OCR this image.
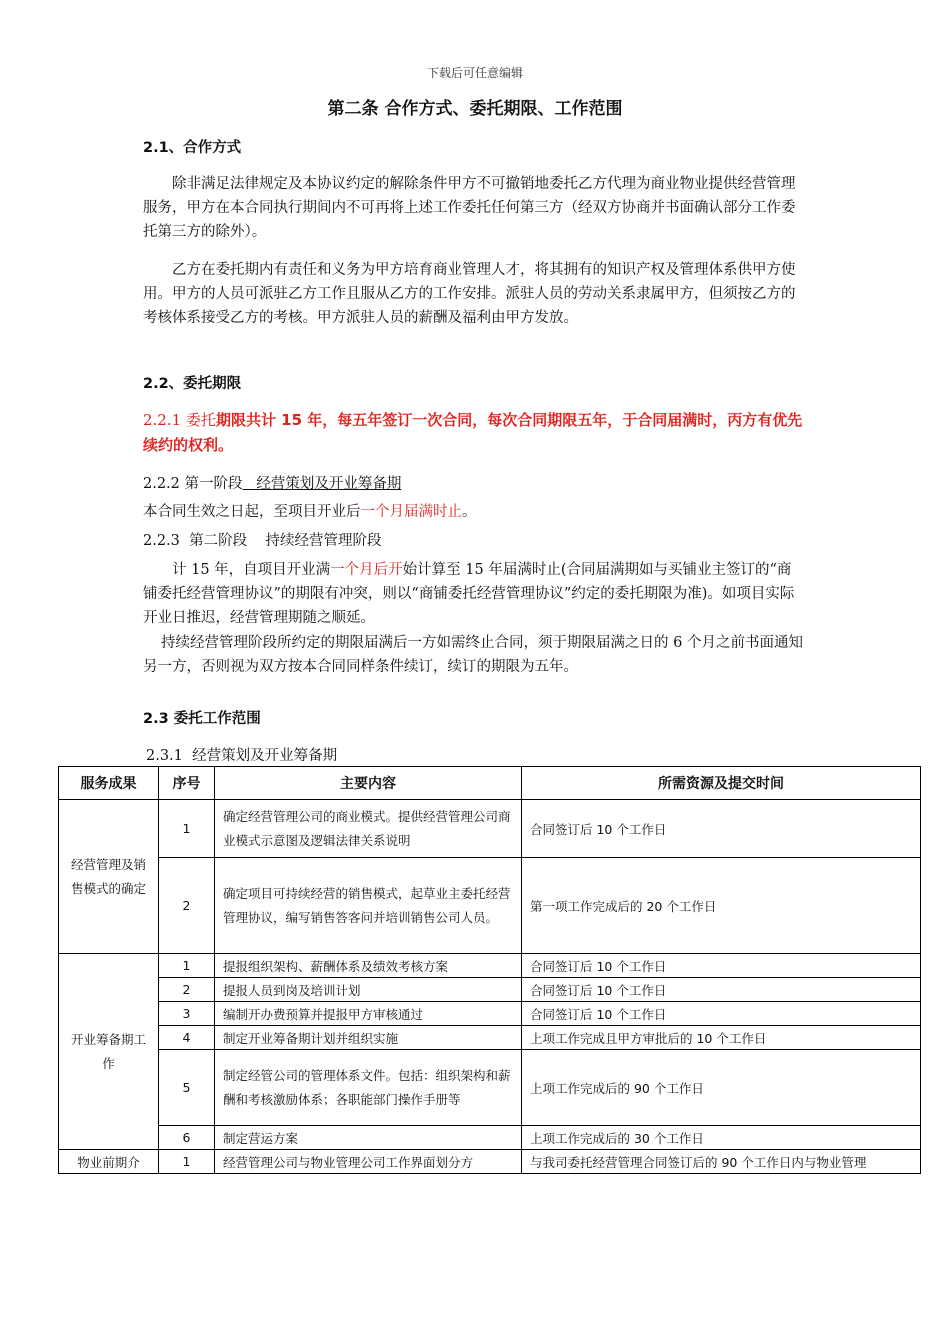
下载后可任意编辑
第二条 合作方式、委托期限、工作范围
2.1、合作方式
除非满足法律规定及本协议约定的解除条件甲方不可撤销地委托乙方代理为商业物业提供经营管理服务，甲方在本合同执行期间内不可再将上述工作委托任何第三方（经双方协商并书面确认部分工作委托第三方的除外）。
乙方在委托期内有责任和义务为甲方培育商业管理人才，将其拥有的知识产权及管理体系供甲方使用。甲方的人员可派驻乙方工作且服从乙方的工作安排。派驻人员的劳动关系隶属甲方，但须按乙方的考核体系接受乙方的考核。甲方派驻人员的薪酬及福利由甲方发放。
2.2、委托期限
2.2.1 委托期限共计 15 年，每五年签订一次合同，每次合同期限五年，于合同届满时，丙方有优先续约的权利。
2.2.2 第一阶段   经营策划及开业筹备期
本合同生效之日起，至项目开业后一个月届满时止。
2.2.3  第二阶段    持续经营管理阶段
计 15 年，自项目开业满一个月后开始计算至 15 年届满时止(合同届满期如与买铺业主签订的“商铺委托经营管理协议”的期限有冲突，则以“商铺委托经营管理协议”约定的委托期限为准)。如项目实际开业日推迟，经营管理期随之顺延。
持续经营管理阶段所约定的期限届满后一方如需终止合同，须于期限届满之日的 6 个月之前书面通知另一方，否则视为双方按本合同同样条件续订，续订的期限为五年。
2.3 委托工作范围
2.3.1  经营策划及开业筹备期
服务成果	序号	主要内容	所需资源及提交时间
经营管理及销售模式的确定	1	确定经营管理公司的商业模式。提供经营管理公司商业模式示意图及逻辑法律关系说明	合同签订后 10 个工作日
	2	确定项目可持续经营的销售模式，起草业主委托经营管理协议，编写销售答客问并培训销售公司人员。	第一项工作完成后的 20 个工作日
开业筹备期工作	1	提报组织架构、薪酬体系及绩效考核方案	合同签订后 10 个工作日
	2	提报人员到岗及培训计划	合同签订后 10 个工作日
	3	编制开办费预算并提报甲方审核通过	合同签订后 10 个工作日
	4	制定开业筹备期计划并组织实施	上项工作完成且甲方审批后的 10 个工作日
	5	制定经管公司的管理体系文件。包括：组织架构和薪酬和考核激励体系；各职能部门操作手册等	上项工作完成后的 90 个工作日
	6	制定营运方案	上项工作完成后的 30 个工作日
物业前期介	1	经营管理公司与物业管理公司工作界面划分方	与我司委托经营管理合同签订后的 90 个工作日内与物业管理
